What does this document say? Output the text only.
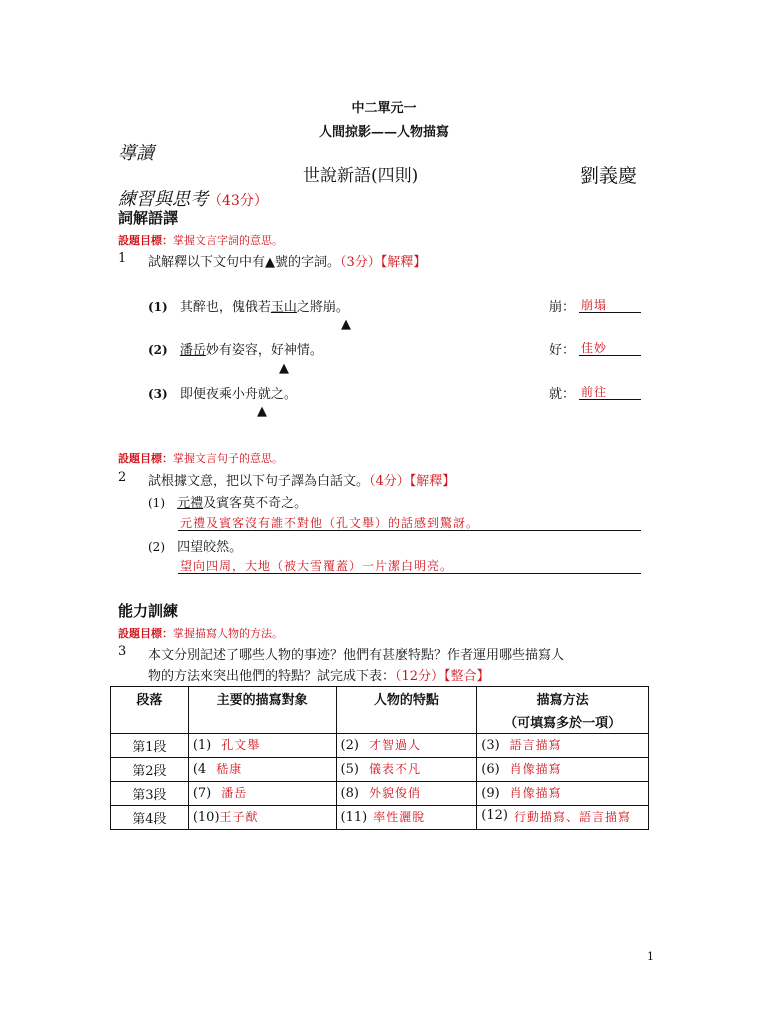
中二單元一
人間掠影——人物描寫
導讀
世說新語(四則)	劉義慶
練習與思考（43分）
詞解語譯
設題目標：掌握文言字詞的意思。
1 試解釋以下文句中有▲號的字詞。（3分）【解釋】
(1) 其醉也，傀俄若玉山之將崩。
▲
崩： 崩塌
(2) 潘岳妙有姿容，好神情。
▲
好： 佳妙
(3) 即便夜乘小舟就之。
▲
就： 前往
設題目標：掌握文言句子的意思。
2 試根據文意，把以下句子譯為白話文。（4分）【解釋】
(1) 元禮及賓客莫不奇之。
元禮及賓客沒有誰不對他（孔文舉）的話感到驚訝。
(2) 四望皎然。
望向四周，大地（被大雪覆蓋）一片潔白明亮。
能力訓練
設題目標：掌握描寫人物的方法。
3 本文分別記述了哪些人物的事迹？他們有甚麼特點？作者運用哪些描寫人
物的方法來突出他們的特點？試完成下表：（12分）【整合】
段落	主要的描寫對象	人物的特點	描寫方法
（可填寫多於一項）

第1段	(1) 孔文舉	(2) 才智過人	(3) 語言描寫
第2段	(4 嵇康	(5) 儀表不凡	(6) 肖像描寫
第3段	(7) 潘岳	(8) 外貌俊俏	(9) 肖像描寫
第4段	(10)王子猷	(11) 率性灑脫	(12) 行動描寫、語言描寫
1
